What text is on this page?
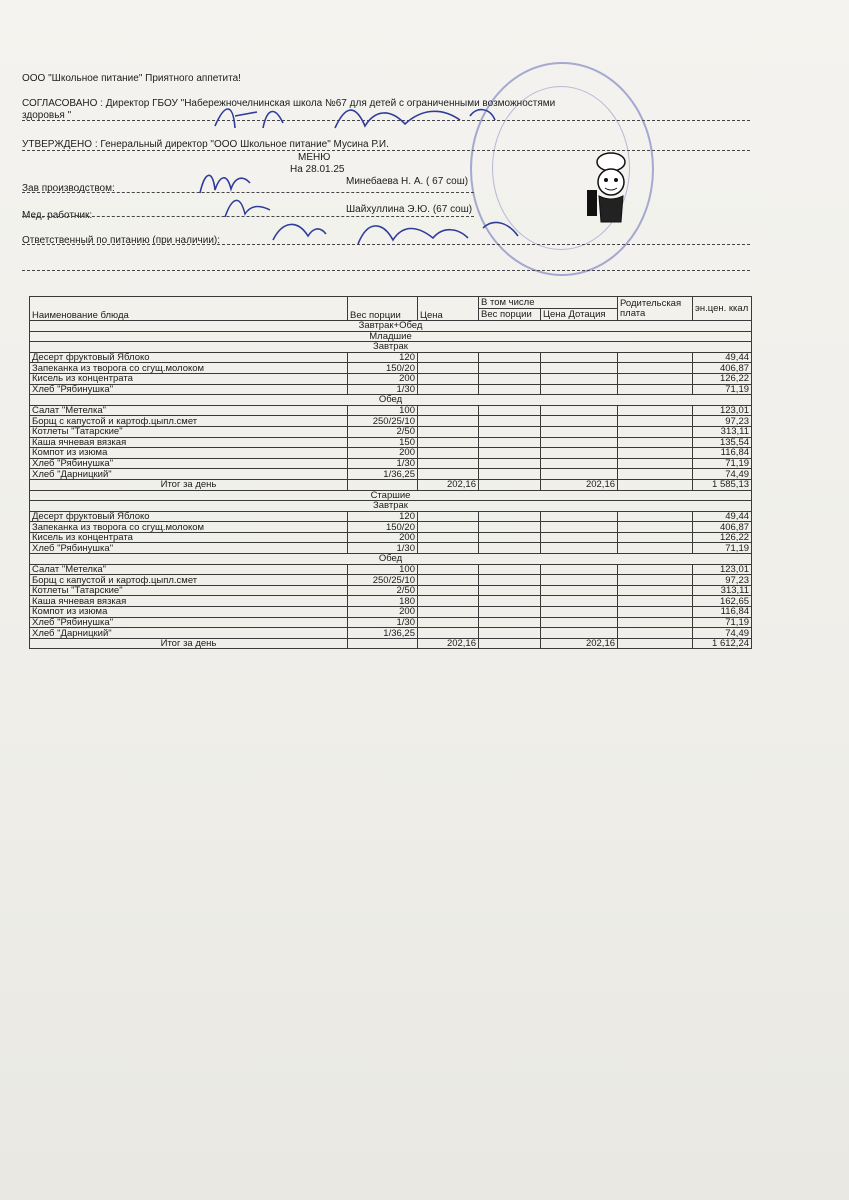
ООО "Школьное питание" Приятного аппетита!
СОГЛАСОВАНО : Директор ГБОУ "Набережночелнинская школа №67 для детей с ограниченными возможностями
здоровья "
УТВЕРЖДЕНО : Генеральный директор "ООО Школьное питание" Мусина Р.И.
МЕНЮ
На 28.01.25
Зав производством:
Минебаева Н. А. ( 67 сош)
Мед. работник:
Шайхуллина Э.Ю. (67 сош)
Ответственный по питанию (при наличии):
Наименование блюда	Вес порции	Цена	В том числе		Родительская плата	эн.цен. ккал
			Вес порции	Цена Дотация		
Завтрак+Обед						
Младшие						
Завтрак						
Десерт фруктовый Яблоко	120					49,44
Запеканка из творога со сгущ.молоком	150/20					406,87
Кисель из концентрата	200					126,22
Хлеб "Рябинушка"	1/30					71,19
Обед						
Салат "Метелка"	100					123,01
Борщ с капустой и картоф.цыпл.смет	250/25/10					97,23
Котлеты "Татарские"	2/50					313,11
Каша ячневая вязкая	150					135,54
Компот из изюма	200					116,84
Хлеб "Рябинушка"	1/30					71,19
Хлеб "Дарницкий"	1/36,25					74,49
Итог за день		202,16		202,16		1 585,13
Старшие						
Завтрак						
Десерт фруктовый Яблоко	120					49,44
Запеканка из творога со сгущ.молоком	150/20					406,87
Кисель из концентрата	200					126,22
Хлеб "Рябинушка"	1/30					71,19
Обед						
Салат "Метелка"	100					123,01
Борщ с капустой и картоф.цыпл.смет	250/25/10					97,23
Котлеты "Татарские"	2/50					313,11
Каша ячневая вязкая	180					162,65
Компот из изюма	200					116,84
Хлеб "Рябинушка"	1/30					71,19
Хлеб "Дарницкий"	1/36,25					74,49
Итог за день		202,16		202,16		1 612,24
